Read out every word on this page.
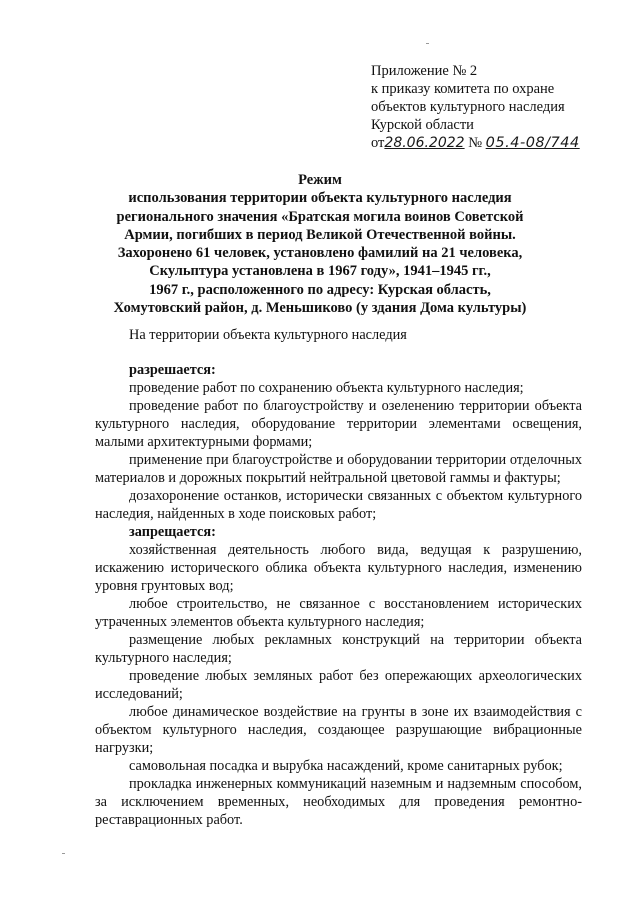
Приложение № 2
к приказу комитета по охране
объектов культурного наследия
Курской области
от28.06.2022 № 05.4-08/744
Режим
использования территории объекта культурного наследия
регионального значения «Братская могила воинов Советской
Армии, погибших в период Великой Отечественной войны.
Захоронено 61 человек, установлено фамилий на 21 человека,
Скульптура установлена в 1967 году», 1941–1945 гг.,
1967 г., расположенного по адресу: Курская область,
Хомутовский район, д. Меньшиково (у здания Дома культуры)

На территории объекта культурного наследия

разрешается:

проведение работ по сохранению объекта культурного наследия;

проведение работ по благоустройству и озеленению территории объекта культурного наследия, оборудование территории элементами освещения, малыми архитектурными формами;

применение при благоустройстве и оборудовании территории отделочных материалов и дорожных покрытий нейтральной цветовой гаммы и фактуры;

дозахоронение останков, исторически связанных с объектом культурного наследия, найденных в ходе поисковых работ;

запрещается:

хозяйственная деятельность любого вида, ведущая к разрушению, искажению исторического облика объекта культурного наследия, изменению уровня грунтовых вод;

любое строительство, не связанное с восстановлением исторических утраченных элементов объекта культурного наследия;

размещение любых рекламных конструкций на территории объекта культурного наследия;

проведение любых земляных работ без опережающих археологических исследований;

любое динамическое воздействие на грунты в зоне их взаимодействия с объектом культурного наследия, создающее разрушающие вибрационные нагрузки;

самовольная посадка и вырубка насаждений, кроме санитарных рубок;

прокладка инженерных коммуникаций наземным и надземным способом, за исключением временных, необходимых для проведения ремонтно-реставрационных работ.
